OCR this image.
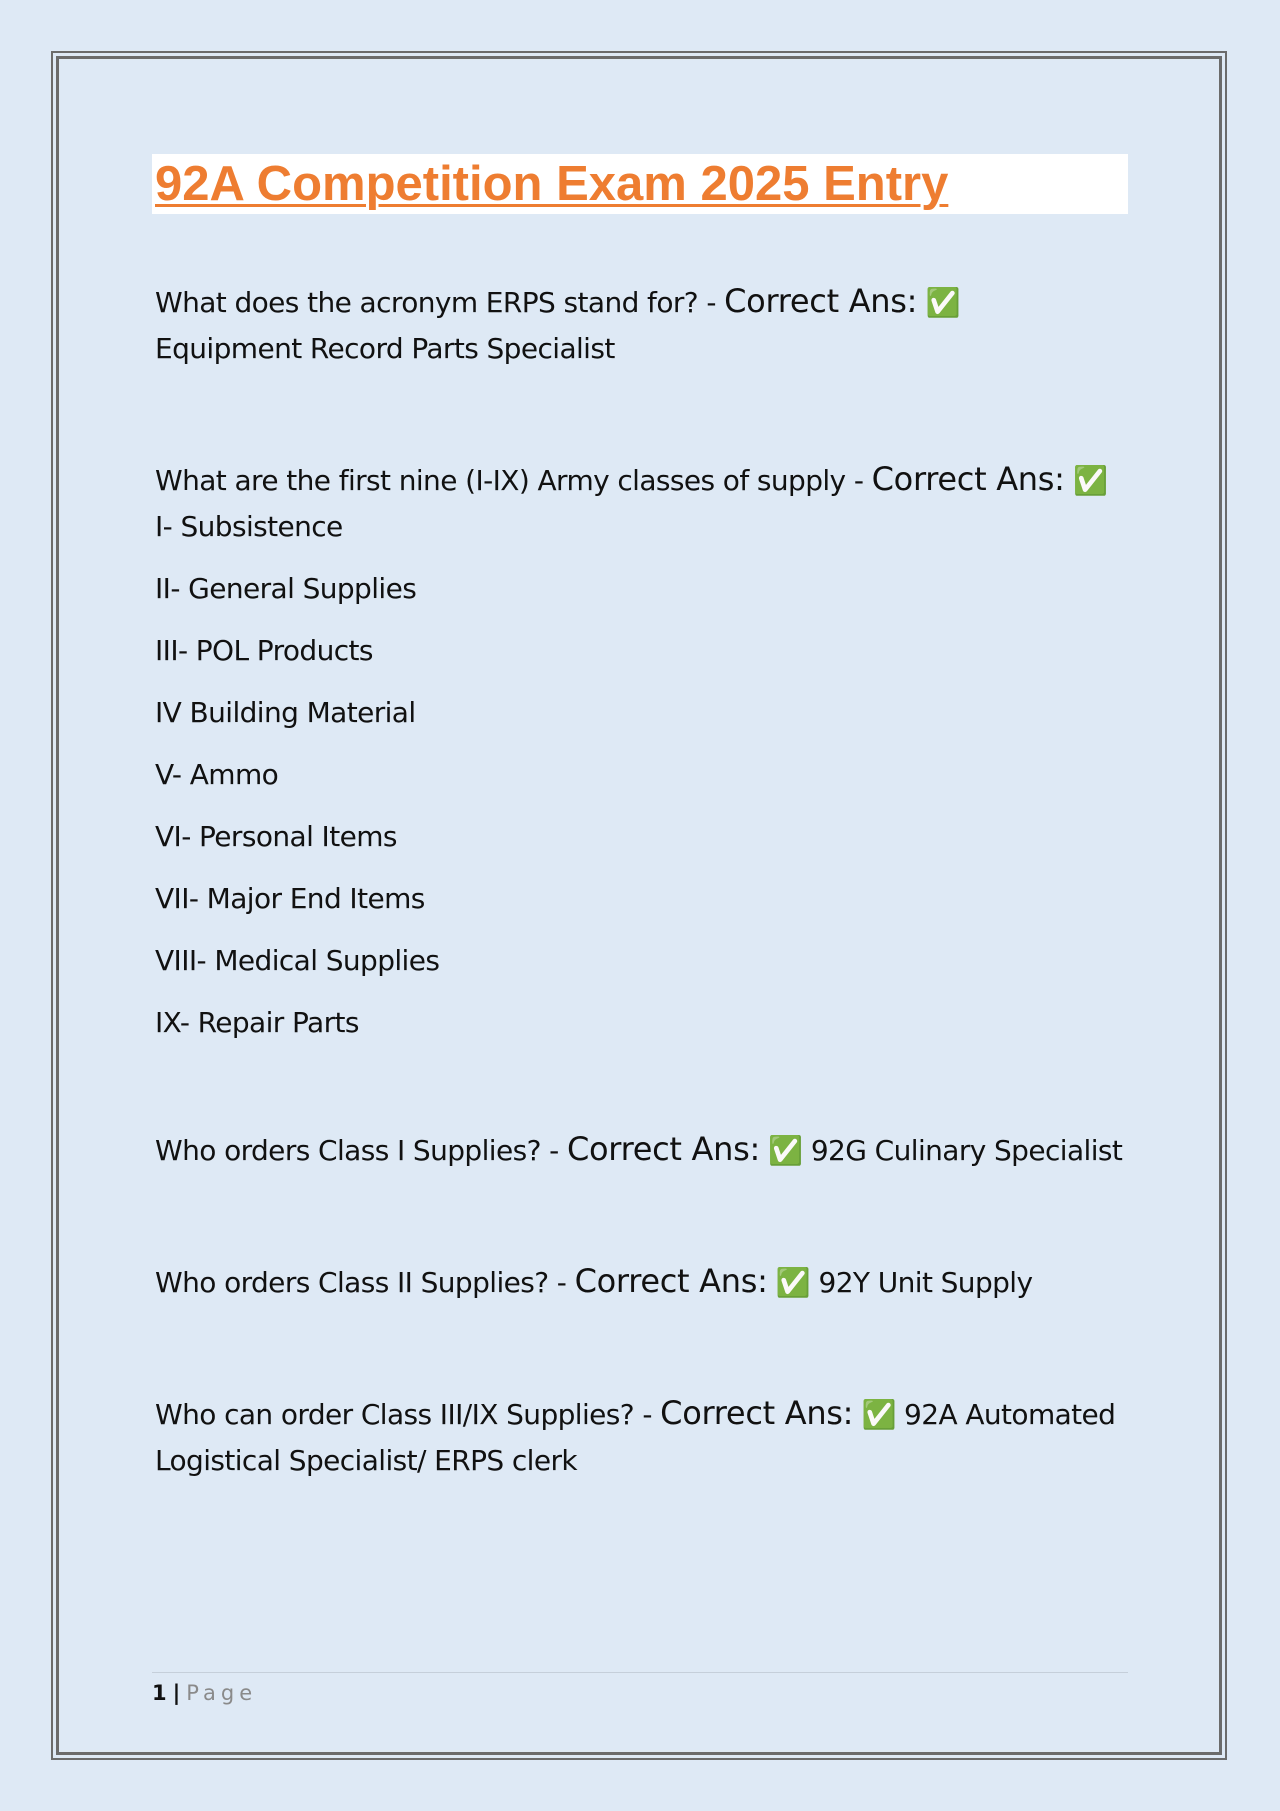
92A Competition Exam 2025 Entry

What does the acronym ERPS stand for? - Correct Ans: ✅
Equipment Record Parts Specialist

What are the first nine (I-IX) Army classes of supply - Correct Ans: ✅
I- Subsistence

II- General Supplies

III- POL Products

IV Building Material

V- Ammo

VI- Personal Items

VII- Major End Items

VIII- Medical Supplies

IX- Repair Parts

Who orders Class I Supplies? - Correct Ans: ✅ 92G Culinary Specialist

Who orders Class II Supplies? - Correct Ans: ✅ 92Y Unit Supply

Who can order Class III/IX Supplies? - Correct Ans: ✅ 92A Automated Logistical Specialist/ ERPS clerk

1 | Page
